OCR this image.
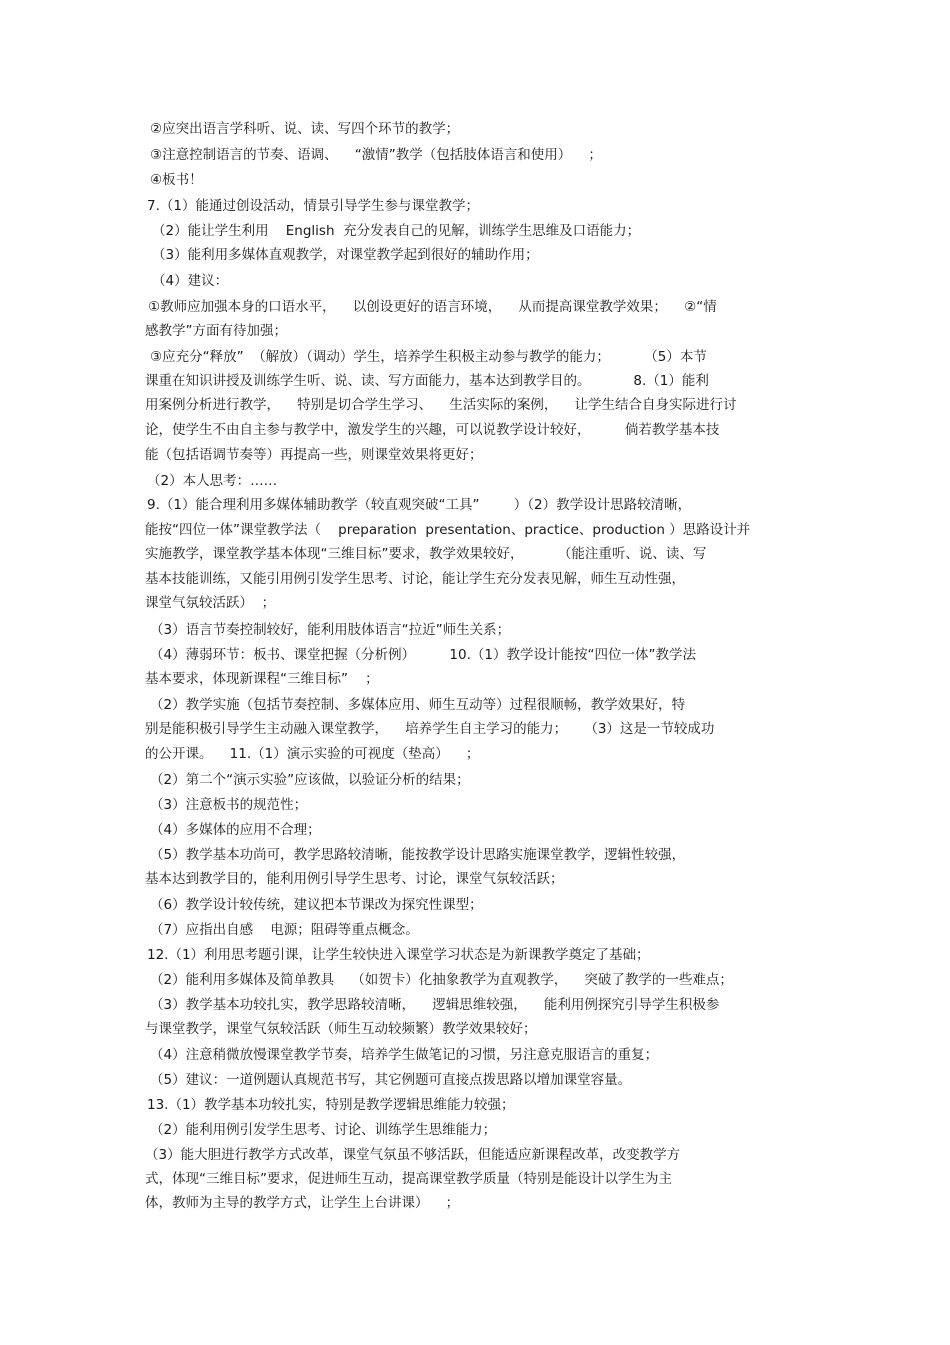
②应突出语言学科听、说、读、写四个环节的教学；
③注意控制语言的节奏、语调、    “激情”教学（包括肢体语言和使用）    ；
④板书！
7.（1）能通过创设活动，情景引导学生参与课堂教学；
（2）能让学生利用    English  充分发表自己的见解，训练学生思维及口语能力；
（3）能利用多媒体直观教学，对课堂教学起到很好的辅助作用；
（4）建议：
①教师应加强本身的口语水平，    以创设更好的语言环境，    从而提高课堂教学效果；    ②“情
感教学”方面有待加强；
③应充分“释放”  （解放）（调动）学生，培养学生积极主动参与教学的能力；        （5）本节
课重在知识讲授及训练学生听、说、读、写方面能力，基本达到教学目的。          8.（1）能利
用案例分析进行教学，    特别是切合学生学习、    生活实际的案例，    让学生结合自身实际进行讨
论，使学生不由自主参与教学中，激发学生的兴趣，可以说教学设计较好，        倘若教学基本技
能（包括语调节奏等）再提高一些，则课堂效果将更好；
（2）本人思考：……
9.（1）能合理利用多媒体辅助教学（较直观突破“工具”        ）（2）教学设计思路较清晰，
能按“四位一体”课堂教学法（    preparation  presentation、practice、production ）思路设计并
实施教学，课堂教学基本体现“三维目标”要求，教学效果较好，        （能注重听、说、读、写
基本技能训练，又能引用例引发学生思考、讨论，能让学生充分发表见解，师生互动性强，
课堂气氛较活跃）  ；
（3）语言节奏控制较好，能利用肢体语言“拉近”师生关系；
（4）薄弱环节：板书、课堂把握（分析例）        10.（1）教学设计能按“四位一体”教学法
基本要求，体现新课程“三维目标”    ；
（2）教学实施（包括节奏控制、多媒体应用、师生互动等）过程很顺畅，教学效果好，特
别是能积极引导学生主动融入课堂教学，    培养学生自主学习的能力；    （3）这是一节较成功
的公开课。    11.（1）演示实验的可视度（垫高）    ；
（2）第二个“演示实验”应该做，以验证分析的结果；
（3）注意板书的规范性；
（4）多媒体的应用不合理；
（5）教学基本功尚可，教学思路较清晰，能按教学设计思路实施课堂教学，逻辑性较强，
基本达到教学目的，能利用例引导学生思考、讨论，课堂气氛较活跃；
（6）教学设计较传统，建议把本节课改为探究性课型；
（7）应指出自感    电源；阻碍等重点概念。
12.（1）利用思考题引课，让学生较快进入课堂学习状态是为新课教学奠定了基础；
（2）能利用多媒体及简单教具    （如贺卡）化抽象教学为直观教学，    突破了教学的一些难点；
（3）教学基本功较扎实，教学思路较清晰，    逻辑思维较强，    能利用例探究引导学生积极参
与课堂教学，课堂气氛较活跃（师生互动较频繁）教学效果较好；
（4）注意稍微放慢课堂教学节奏，培养学生做笔记的习惯，另注意克服语言的重复；
（5）建议：一道例题认真规范书写，其它例题可直接点拨思路以增加课堂容量。
13.（1）教学基本功较扎实，特别是教学逻辑思维能力较强；
（2）能利用例引发学生思考、讨论、训练学生思维能力；
（3）能大胆进行教学方式改革，课堂气氛虽不够活跃，但能适应新课程改革，改变教学方
式，体现“三维目标”要求，促进师生互动，提高课堂教学质量（特别是能设计以学生为主
体，教师为主导的教学方式，让学生上台讲课）    ；
